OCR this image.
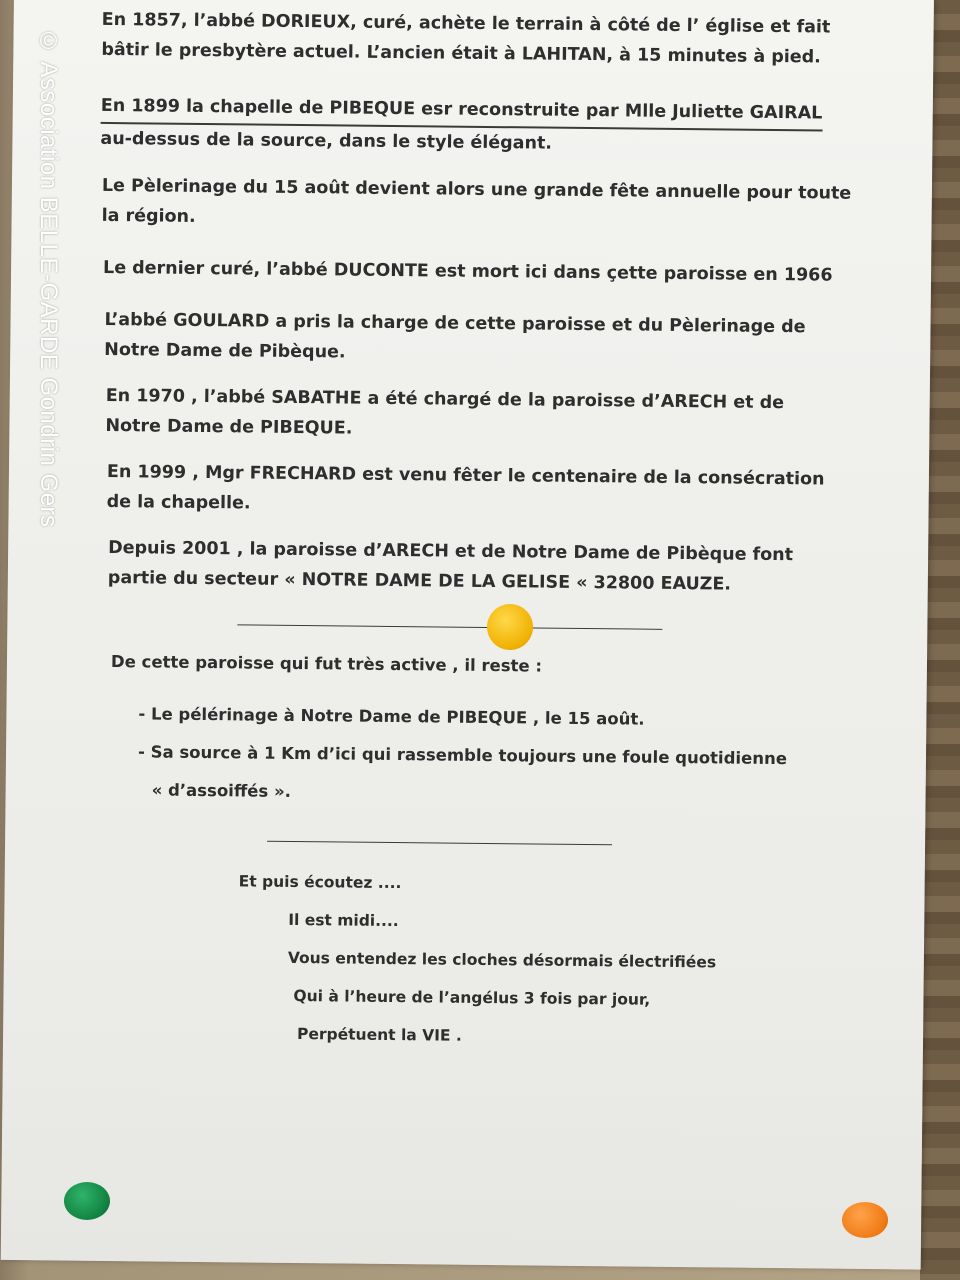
En 1857, l’abbé DORIEUX, curé, achète le terrain à côté de l’ église et fait
bâtir le presbytère actuel. L’ancien était à LAHITAN, à 15 minutes à pied.
En 1899 la chapelle de PIBEQUE esr reconstruite par Mlle Juliette GAIRAL
au-dessus de la source, dans le style élégant.
Le Pèlerinage du 15 août devient alors une grande fête annuelle pour toute
la région.
Le dernier curé, l’abbé DUCONTE est mort ici dans çette paroisse en 1966
L’abbé GOULARD a pris la charge de cette paroisse et du Pèlerinage de
Notre Dame de Pibèque.
En 1970 , l’abbé SABATHE a été chargé de la paroisse d’ARECH et de
Notre Dame de PIBEQUE.
En 1999 , Mgr FRECHARD est venu fêter le centenaire de la consécration
de la chapelle.
Depuis 2001 , la paroisse d’ARECH et de Notre Dame de Pibèque font
partie du secteur « NOTRE DAME DE LA GELISE « 32800 EAUZE.
De cette paroisse qui fut très active , il reste :
- Le pélérinage à Notre Dame de PIBEQUE , le 15 août.
- Sa source à 1 Km d’ici qui rassemble toujours une foule quotidienne
« d’assoiffés ».
Et puis écoutez ....
Il est midi....
Vous entendez les cloches désormais électrifiées
Qui à l’heure de l’angélus 3 fois par jour,
Perpétuent la VIE .
© Association BELLE-GARDE Gondrin Gers
